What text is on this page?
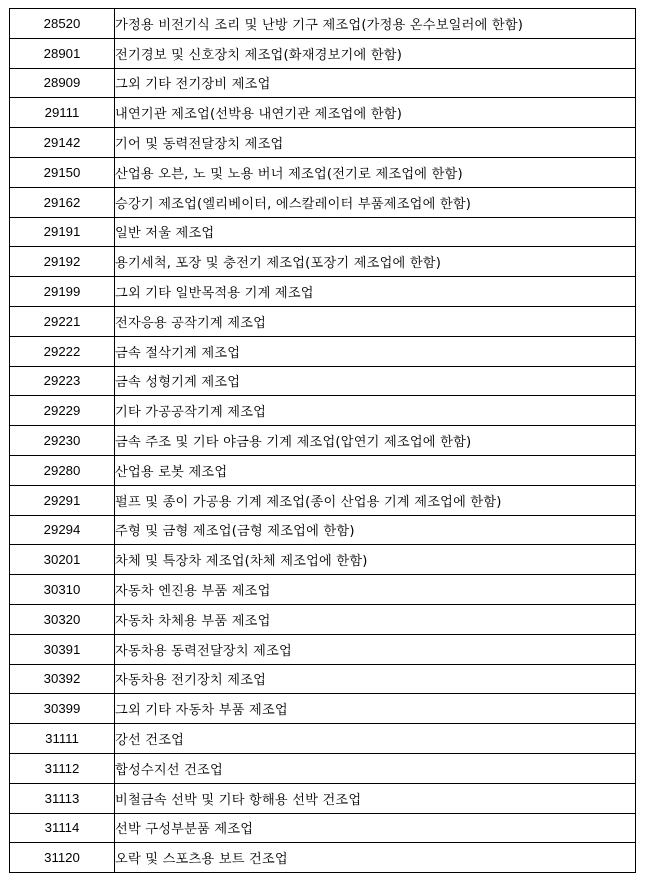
28520	가정용 비전기식 조리 및 난방 기구 제조업(가정용 온수보일러에 한함)
28901	전기경보 및 신호장치 제조업(화재경보기에 한함)
28909	그외 기타 전기장비 제조업
29111	내연기관 제조업(선박용 내연기관 제조업에 한함)
29142	기어 및 동력전달장치 제조업
29150	산업용 오븐, 노 및 노용 버너 제조업(전기로 제조업에 한함)
29162	승강기 제조업(엘리베이터, 에스칼레이터 부품제조업에 한함)
29191	일반 저울 제조업
29192	용기세척, 포장 및 충전기 제조업(포장기 제조업에 한함)
29199	그외 기타 일반목적용 기계 제조업
29221	전자응용 공작기계 제조업
29222	금속 절삭기계 제조업
29223	금속 성형기계 제조업
29229	기타 가공공작기계 제조업
29230	금속 주조 및 기타 야금용 기계 제조업(압연기 제조업에 한함)
29280	산업용 로봇 제조업
29291	펄프 및 종이 가공용 기계 제조업(종이 산업용 기계 제조업에 한함)
29294	주형 및 금형 제조업(금형 제조업에 한함)
30201	차체 및 특장차 제조업(차체 제조업에 한함)
30310	자동차 엔진용 부품 제조업
30320	자동차 차체용 부품 제조업
30391	자동차용 동력전달장치 제조업
30392	자동차용 전기장치 제조업
30399	그외 기타 자동차 부품 제조업
31111	강선 건조업
31112	합성수지선 건조업
31113	비철금속 선박 및 기타 항해용 선박 건조업
31114	선박 구성부분품 제조업
31120	오락 및 스포츠용 보트 건조업
